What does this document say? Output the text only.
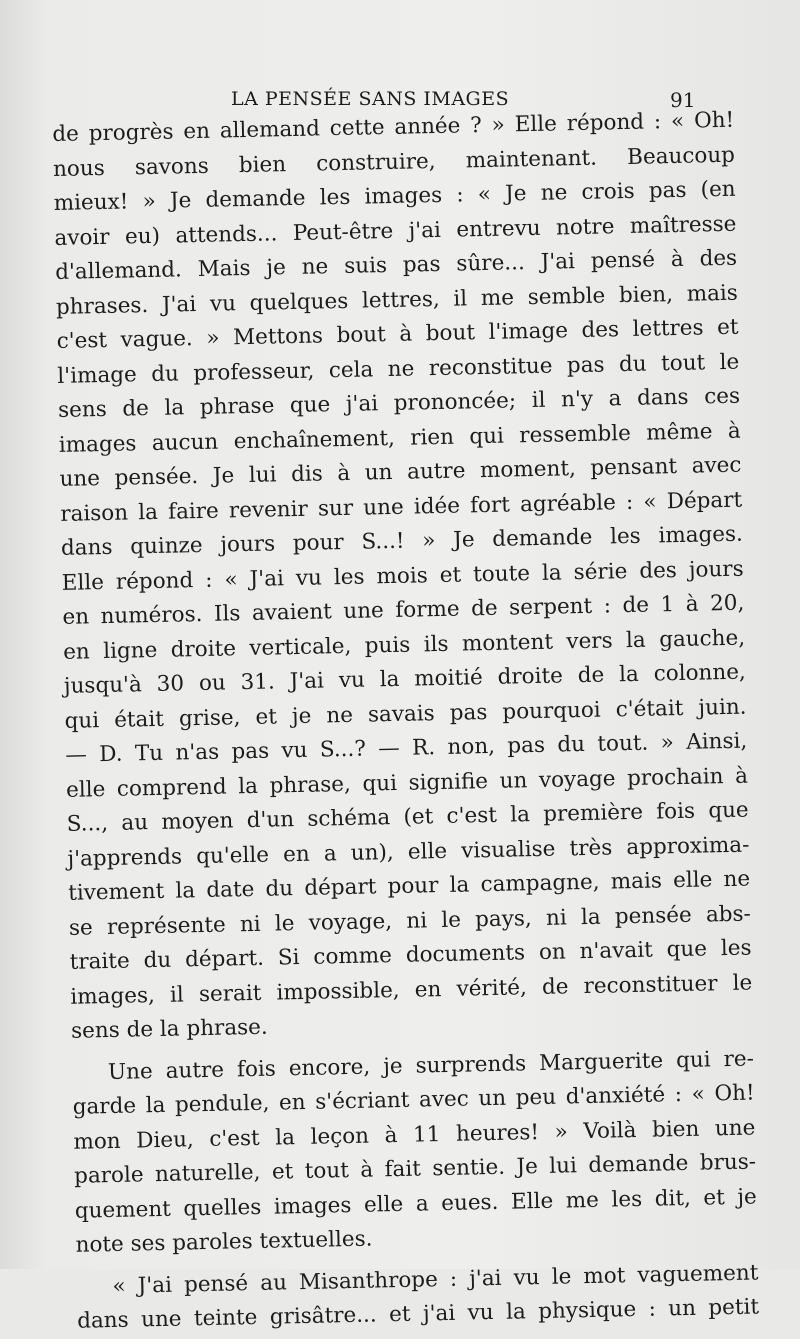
LA PENSÉE SANS IMAGES	91
de progrès en allemand cette année ? » Elle répond : « Oh!
nous savons bien construire, maintenant. Beaucoup
mieux! » Je demande les images : « Je ne crois pas (en
avoir eu) attends... Peut-être j'ai entrevu notre maîtresse
d'allemand. Mais je ne suis pas sûre... J'ai pensé à des
phrases. J'ai vu quelques lettres, il me semble bien, mais
c'est vague. » Mettons bout à bout l'image des lettres et
l'image du professeur, cela ne reconstitue pas du tout le
sens de la phrase que j'ai prononcée; il n'y a dans ces
images aucun enchaînement, rien qui ressemble même à
une pensée. Je lui dis à un autre moment, pensant avec
raison la faire revenir sur une idée fort agréable : « Départ
dans quinze jours pour S...! » Je demande les images.
Elle répond : « J'ai vu les mois et toute la série des jours
en numéros. Ils avaient une forme de serpent : de 1 à 20,
en ligne droite verticale, puis ils montent vers la gauche,
jusqu'à 30 ou 31. J'ai vu la moitié droite de la colonne,
qui était grise, et je ne savais pas pourquoi c'était juin.
— D. Tu n'as pas vu S...? — R. non, pas du tout. » Ainsi,
elle comprend la phrase, qui signifie un voyage prochain à
S..., au moyen d'un schéma (et c'est la première fois que
j'apprends qu'elle en a un), elle visualise très approxima-
tivement la date du départ pour la campagne, mais elle ne
se représente ni le voyage, ni le pays, ni la pensée abs-
traite du départ. Si comme documents on n'avait que les
images, il serait impossible, en vérité, de reconstituer le
sens de la phrase.
Une autre fois encore, je surprends Marguerite qui re-
garde la pendule, en s'écriant avec un peu d'anxiété : « Oh!
mon Dieu, c'est la leçon à 11 heures! » Voilà bien une
parole naturelle, et tout à fait sentie. Je lui demande brus-
quement quelles images elle a eues. Elle me les dit, et je
note ses paroles textuelles.
« J'ai pensé au Misanthrope : j'ai vu le mot vaguement
dans une teinte grisâtre... et j'ai vu la physique : un petit
